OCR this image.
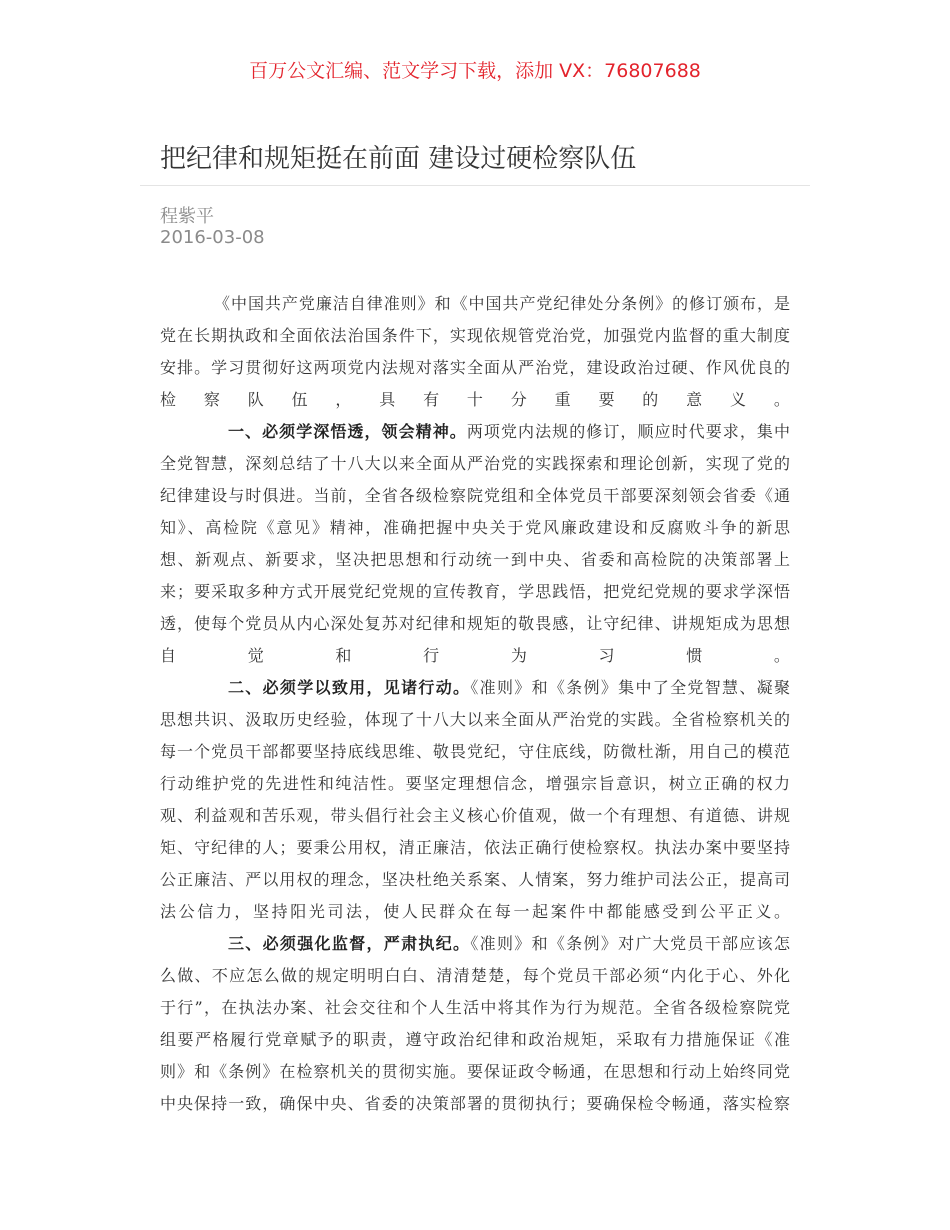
百万公文汇编、范文学习下载，添加 VX：76807688
把纪律和规矩挺在前面 建设过硬检察队伍
程紫平
2016-03-08
《中国共产党廉洁自律准则》和《中国共产党纪律处分条例》的修订颁布，是
党在长期执政和全面依法治国条件下，实现依规管党治党，加强党内监督的重大制度
安排。学习贯彻好这两项党内法规对落实全面从严治党，建设政治过硬、作风优良的
检 察 队 伍 ， 具 有 十 分 重 要 的 意 义 。
一、必须学深悟透，领会精神。两项党内法规的修订，顺应时代要求，集中
全党智慧，深刻总结了十八大以来全面从严治党的实践探索和理论创新，实现了党的
纪律建设与时俱进。当前，全省各级检察院党组和全体党员干部要深刻领会省委《通
知》、高检院《意见》精神，准确把握中央关于党风廉政建设和反腐败斗争的新思
想、新观点、新要求，坚决把思想和行动统一到中央、省委和高检院的决策部署上
来；要采取多种方式开展党纪党规的宣传教育，学思践悟，把党纪党规的要求学深悟
透，使每个党员从内心深处复苏对纪律和规矩的敬畏感，让守纪律、讲规矩成为思想
自	觉	和	行	为	习	惯	。
二、必须学以致用，见诸行动。《准则》和《条例》集中了全党智慧、凝聚
思想共识、汲取历史经验，体现了十八大以来全面从严治党的实践。全省检察机关的
每一个党员干部都要坚持底线思维、敬畏党纪，守住底线，防微杜渐，用自己的模范
行动维护党的先进性和纯洁性。要坚定理想信念，增强宗旨意识，树立正确的权力
观、利益观和苦乐观，带头倡行社会主义核心价值观，做一个有理想、有道德、讲规
矩、守纪律的人；要秉公用权，清正廉洁，依法正确行使检察权。执法办案中要坚持
公正廉洁、严以用权的理念，坚决杜绝关系案、人情案，努力维护司法公正，提高司
法公信力，坚持阳光司法，使人民群众在每一起案件中都能感受到公平正义。
三、必须强化监督，严肃执纪。《准则》和《条例》对广大党员干部应该怎
么做、不应怎么做的规定明明白白、清清楚楚，每个党员干部必须“内化于心、外化
于行”，在执法办案、社会交往和个人生活中将其作为行为规范。全省各级检察院党
组要严格履行党章赋予的职责，遵守政治纪律和政治规矩，采取有力措施保证《准
则》和《条例》在检察机关的贯彻实施。要保证政令畅通，在思想和行动上始终同党
中央保持一致，确保中央、省委的决策部署的贯彻执行；要确保检令畅通，落实检察
